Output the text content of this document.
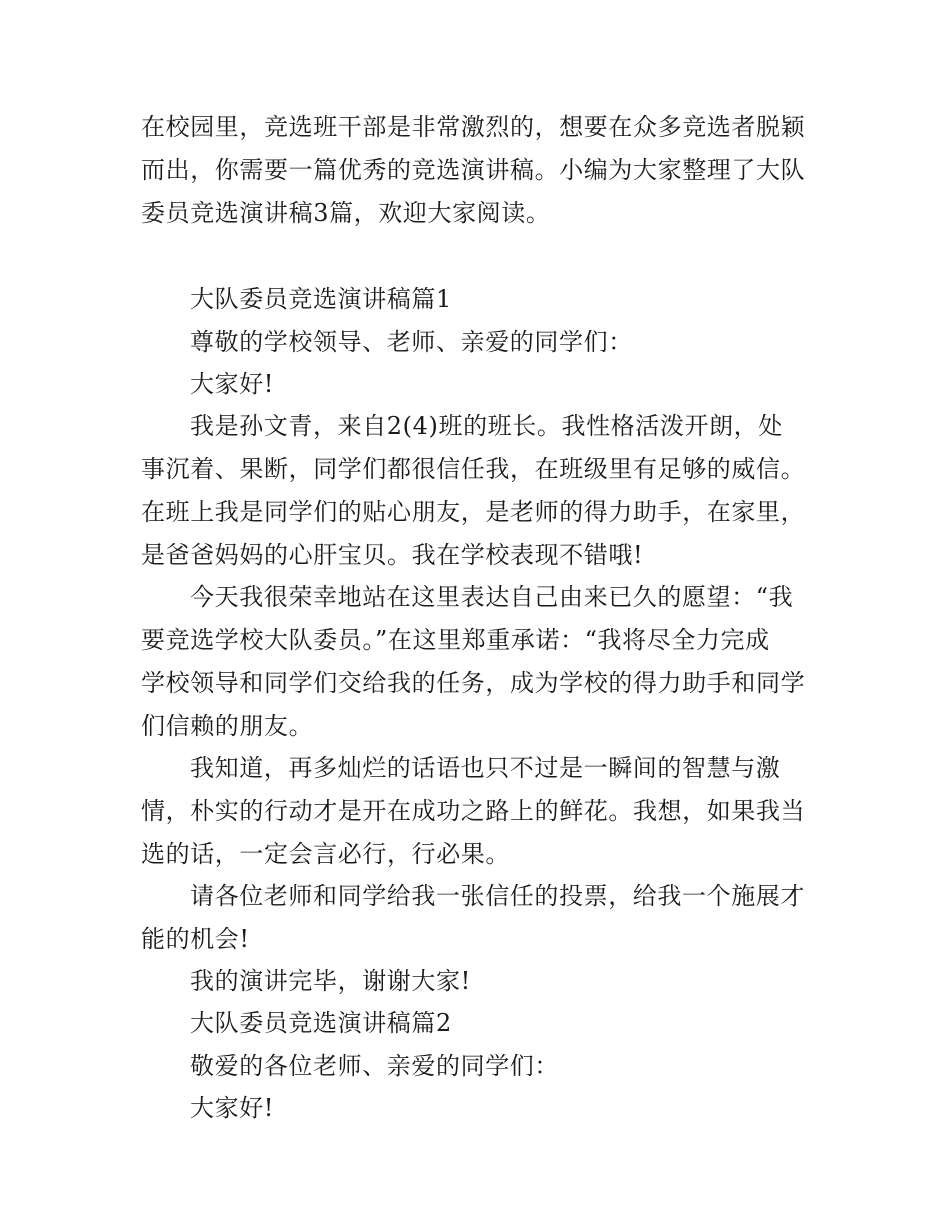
在校园里，竞选班干部是非常激烈的，想要在众多竞选者脱颖
而出，你需要一篇优秀的竞选演讲稿。小编为大家整理了大队
委员竞选演讲稿3篇，欢迎大家阅读。
大队委员竞选演讲稿篇1
尊敬的学校领导、老师、亲爱的同学们：
大家好!
我是孙文青，来自2(4)班的班长。我性格活泼开朗，处
事沉着、果断，同学们都很信任我，在班级里有足够的威信。
在班上我是同学们的贴心朋友，是老师的得力助手，在家里，
是爸爸妈妈的心肝宝贝。我在学校表现不错哦!
今天我很荣幸地站在这里表达自己由来已久的愿望：“我
要竞选学校大队委员。”在这里郑重承诺：“我将尽全力完成
学校领导和同学们交给我的任务，成为学校的得力助手和同学
们信赖的朋友。
我知道，再多灿烂的话语也只不过是一瞬间的智慧与激
情，朴实的行动才是开在成功之路上的鲜花。我想，如果我当
选的话，一定会言必行，行必果。
请各位老师和同学给我一张信任的投票，给我一个施展才
能的机会!
我的演讲完毕，谢谢大家!
大队委员竞选演讲稿篇2
敬爱的各位老师、亲爱的同学们：
大家好!
